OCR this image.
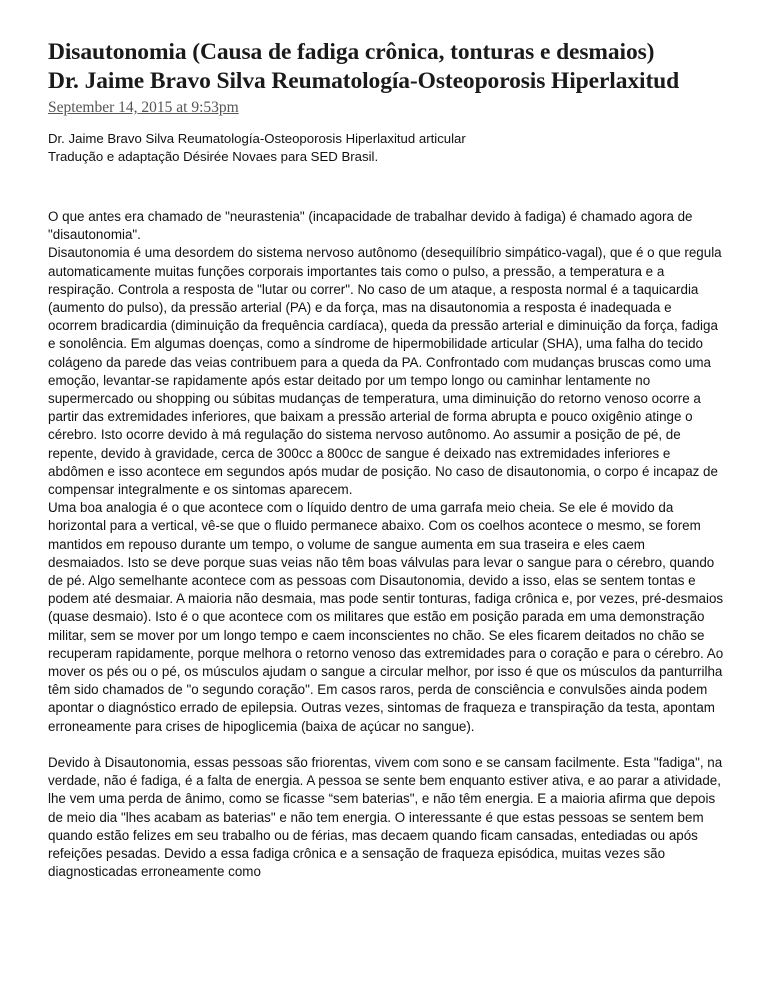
Disautonomia (Causa de fadiga crônica, tonturas e desmaios)
Dr. Jaime Bravo Silva Reumatología-Osteoporosis Hiperlaxitud
September 14, 2015 at 9:53pm
Dr. Jaime Bravo Silva Reumatología-Osteoporosis Hiperlaxitud articular
Tradução e adaptação Désirée Novaes para SED Brasil.

O que antes era chamado de "neurastenia" (incapacidade de trabalhar devido à fadiga) é chamado agora de "disautonomia".

Disautonomia é uma desordem do sistema nervoso autônomo (desequilíbrio simpático-vagal), que é o que regula automaticamente muitas funções corporais importantes tais como o pulso, a pressão, a temperatura e a respiração. Controla a resposta de "lutar ou correr". No caso de um ataque, a resposta normal é a taquicardia (aumento do pulso), da pressão arterial (PA) e da força, mas na disautonomia a resposta é inadequada e ocorrem bradicardia (diminuição da frequência cardíaca), queda da pressão arterial e diminuição da força, fadiga e sonolência. Em algumas doenças, como a síndrome de hipermobilidade articular (SHA), uma falha do tecido colágeno da parede das veias contribuem para a queda da PA. Confrontado com mudanças bruscas como uma emoção, levantar-se rapidamente após estar deitado por um tempo longo ou caminhar lentamente no supermercado ou shopping ou súbitas mudanças de temperatura, uma diminuição do retorno venoso ocorre a partir das extremidades inferiores, que baixam a pressão arterial de forma abrupta e pouco oxigênio atinge o cérebro. Isto ocorre devido à má regulação do sistema nervoso autônomo. Ao assumir a posição de pé, de repente, devido à gravidade, cerca de 300cc a 800cc de sangue é deixado nas extremidades inferiores e abdômen e isso acontece em segundos após mudar de posição. No caso de disautonomia, o corpo é incapaz de compensar integralmente e os sintomas aparecem.

Uma boa analogia é o que acontece com o líquido dentro de uma garrafa meio cheia. Se ele é movido da horizontal para a vertical, vê-se que o fluido permanece abaixo. Com os coelhos acontece o mesmo, se forem mantidos em repouso durante um tempo, o volume de sangue aumenta em sua traseira e eles caem desmaiados. Isto se deve porque suas veias não têm boas válvulas para levar o sangue para o cérebro, quando de pé. Algo semelhante acontece com as pessoas com Disautonomia, devido a isso, elas se sentem tontas e podem até desmaiar. A maioria não desmaia, mas pode sentir tonturas, fadiga crônica e, por vezes, pré-desmaios (quase desmaio). Isto é o que acontece com os militares que estão em posição parada em uma demonstração militar, sem se mover por um longo tempo e caem inconscientes no chão. Se eles ficarem deitados no chão se recuperam rapidamente, porque melhora o retorno venoso das extremidades para o coração e para o cérebro. Ao mover os pés ou o pé, os músculos ajudam o sangue a circular melhor, por isso é que os músculos da panturrilha têm sido chamados de "o segundo coração". Em casos raros, perda de consciência e convulsões ainda podem apontar o diagnóstico errado de epilepsia. Outras vezes, sintomas de fraqueza e transpiração da testa, apontam erroneamente para crises de hipoglicemia (baixa de açúcar no sangue).

Devido à Disautonomia, essas pessoas são friorentas, vivem com sono e se cansam facilmente. Esta "fadiga", na verdade, não é fadiga, é a falta de energia. A pessoa se sente bem enquanto estiver ativa, e ao parar a atividade, lhe vem uma perda de ânimo, como se ficasse “sem baterias", e não têm energia. E a maioria afirma que depois de meio dia "lhes acabam as baterias" e não tem energia. O interessante é que estas pessoas se sentem bem quando estão felizes em seu trabalho ou de férias, mas decaem quando ficam cansadas, entediadas ou após refeições pesadas. Devido a essa fadiga crônica e a sensação de fraqueza episódica, muitas vezes são diagnosticadas erroneamente como
